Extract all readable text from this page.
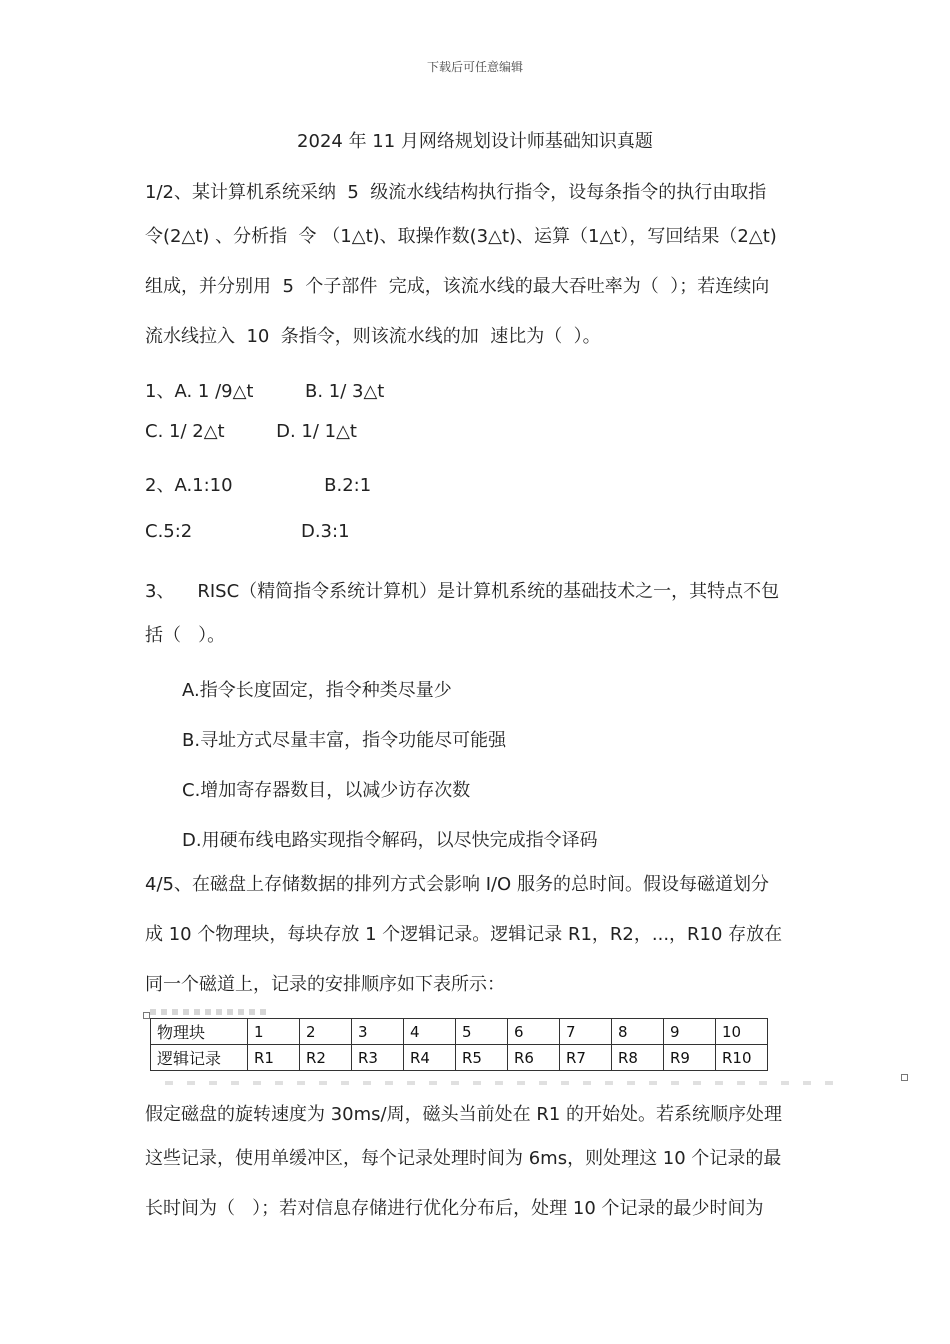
下载后可任意编辑
2024 年 11 月网络规划设计师基础知识真题
1/2、某计算机系统采纳  5  级流水线结构执行指令，设每条指令的执行由取指
令(2△t) 、分析指  令 （1△t)、取操作数(3△t)、运算（1△t），写回结果（2△t)
组成，并分别用  5  个子部件  完成，该流水线的最大吞吐率为（  ）；若连续向
流水线拉入  10  条指令，则该流水线的加  速比为（  ）。
1、A. 1 /9△t         B. 1/ 3△t
C. 1/ 2△t         D. 1/ 1△t
2、A.1:10                B.2:1
C.5:2                   D.3:1
3、    RISC（精简指令系统计算机）是计算机系统的基础技术之一，其特点不包
括（   ）。
A.指令长度固定，指令种类尽量少
B.寻址方式尽量丰富，指令功能尽可能强
C.增加寄存器数目，以减少访存次数
D.用硬布线电路实现指令解码，以尽快完成指令译码
4/5、在磁盘上存储数据的排列方式会影响 I/O 服务的总时间。假设每磁道划分
成 10 个物理块，每块存放 1 个逻辑记录。逻辑记录 R1，R2，...，R10 存放在
同一个磁道上，记录的安排顺序如下表所示：
物理块	1	2	3	4	5	6	7	8	9	10
逻辑记录	R1	R2	R3	R4	R5	R6	R7	R8	R9	R10
假定磁盘的旋转速度为 30ms/周，磁头当前处在 R1 的开始处。若系统顺序处理
这些记录，使用单缓冲区，每个记录处理时间为 6ms，则处理这 10 个记录的最
长时间为（   ）；若对信息存储进行优化分布后，处理 10 个记录的最少时间为
